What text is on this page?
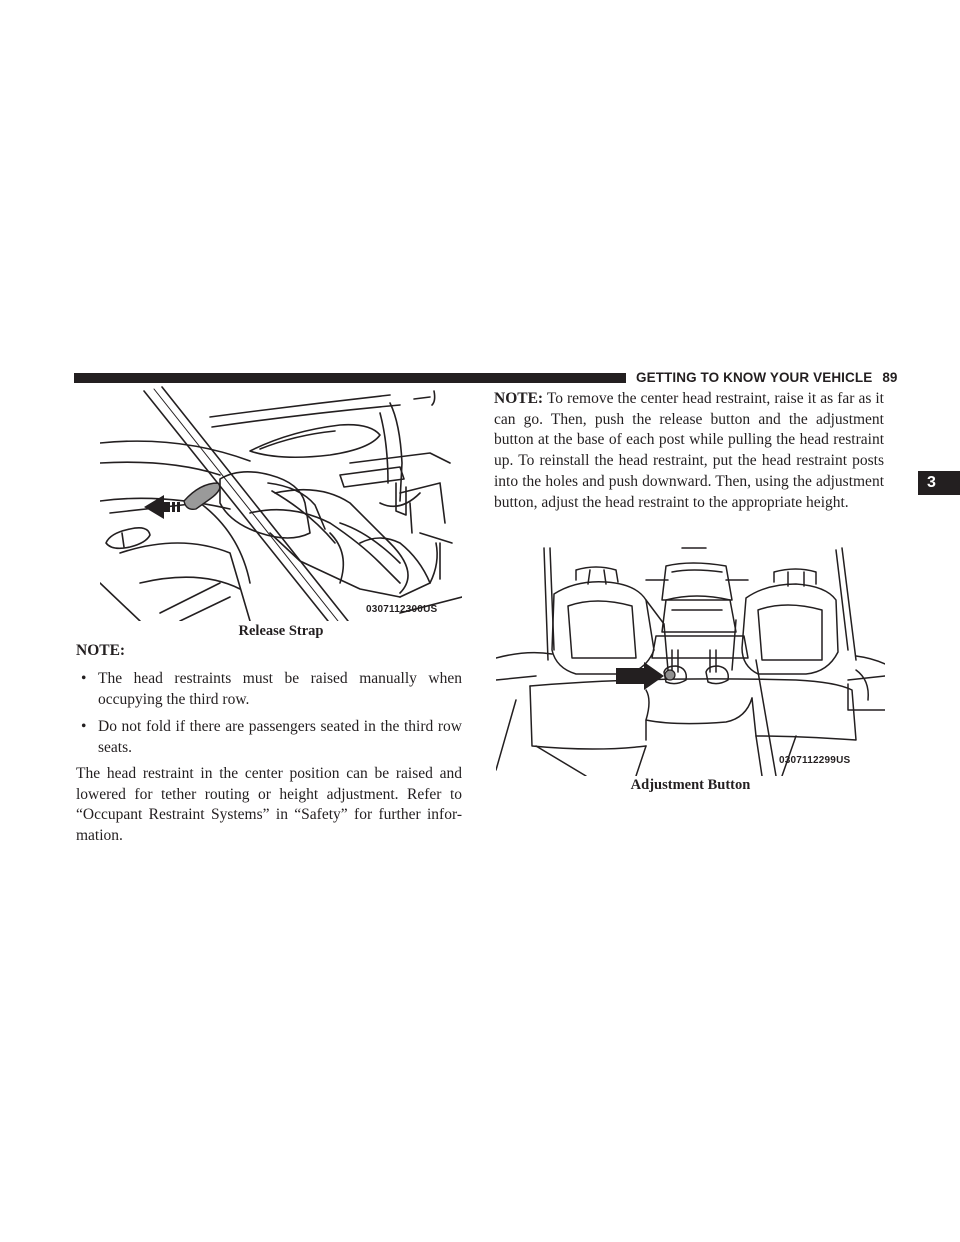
GETTING TO KNOW YOUR VEHICLE 89
3
0307112300US
Release Strap
NOTE:
• The head restraints must be raised manually when occupying the third row.
• Do not fold if there are passengers seated in the third row seats.
The head restraint in the center position can be raised and lowered for tether routing or height adjustment. Refer to “Occupant Restraint Systems” in “Safety” for further infor-mation.
NOTE: To remove the center head restraint, raise it as far as it can go. Then, push the release button and the adjustment button at the base of each post while pulling the head restraint up. To reinstall the head restraint, put the head restraint posts into the holes and push downward. Then, using the adjustment button, adjust the head restraint to the appropriate height.
0307112299US
Adjustment Button
